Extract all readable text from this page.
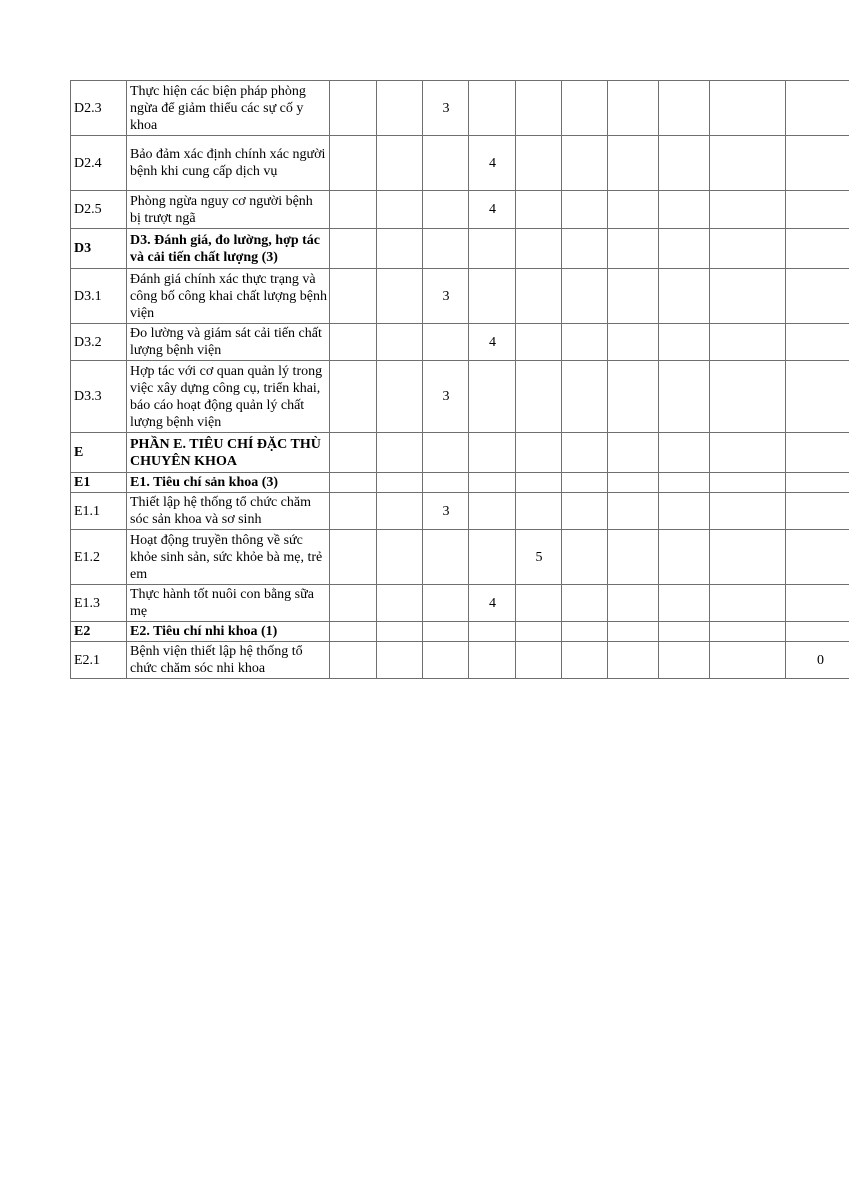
D2.3	Thực hiện các biện pháp phòng ngừa để giảm thiểu các sự cố y khoa			3							
D2.4	Bảo đảm xác định chính xác người bệnh khi cung cấp dịch vụ				4						
D2.5	Phòng ngừa nguy cơ người bệnh bị trượt ngã				4						
D3	D3. Đánh giá, đo lường, hợp tác và cải tiến chất lượng (3)										
D3.1	Đánh giá chính xác thực trạng và công bố công khai chất lượng bệnh viện			3							
D3.2	Đo lường và giám sát cải tiến chất lượng bệnh viện				4						
D3.3	Hợp tác với cơ quan quản lý trong việc xây dựng công cụ, triển khai, báo cáo hoạt động quản lý chất lượng bệnh viện			3							
E	PHẦN E. TIÊU CHÍ ĐẶC THÙ CHUYÊN KHOA										
E1	E1. Tiêu chí sản khoa (3)										
E1.1	Thiết lập hệ thống tổ chức chăm sóc sản khoa và sơ sinh			3							
E1.2	Hoạt động truyền thông về sức khỏe sinh sản, sức khỏe bà mẹ, trẻ em					5					
E1.3	Thực hành tốt nuôi con bằng sữa mẹ				4						
E2	E2. Tiêu chí nhi khoa (1)										
E2.1	Bệnh viện thiết lập hệ thống tổ chức chăm sóc nhi khoa										0
